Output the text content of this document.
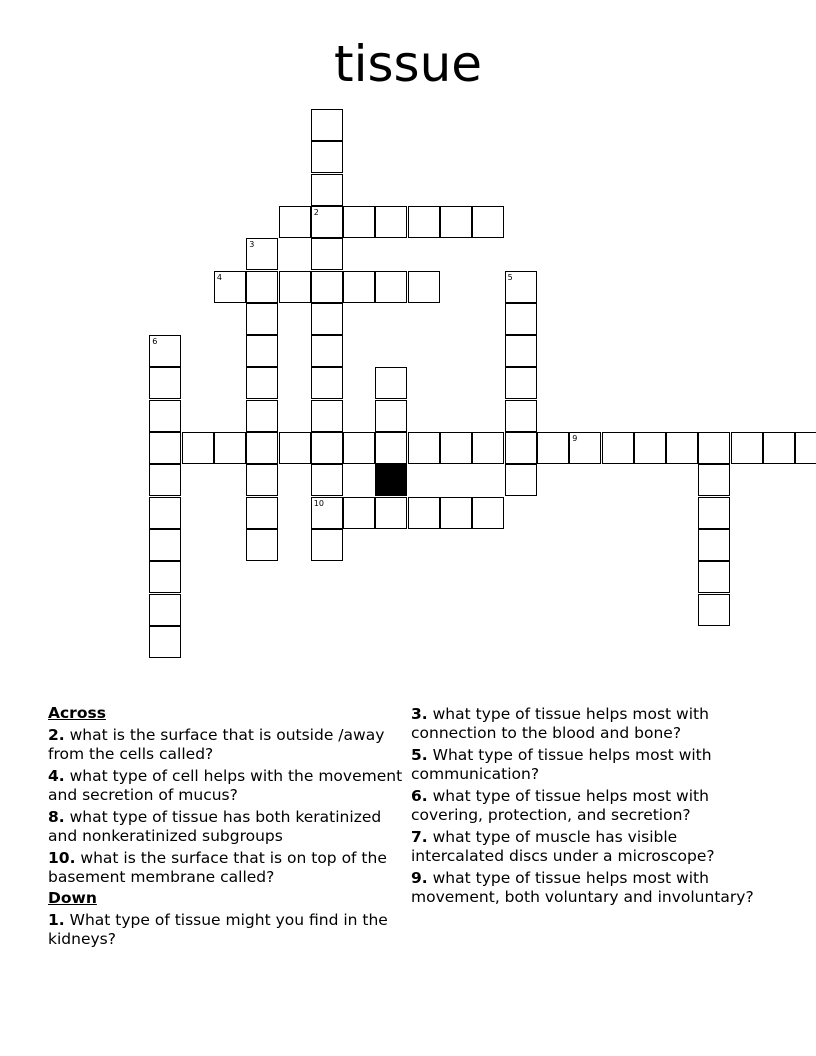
tissue
2
10
3
4	5
6
9
Across
2. what is the surface that is outside /away from the cells called?
4. what type of cell helps with the movement and secretion of mucus?
8. what type of tissue has both keratinized and nonkeratinized subgroups
10. what is the surface that is on top of the basement membrane called?
Down
1. What type of tissue might you find in the kidneys?
3. what type of tissue helps most with connection to the blood and bone?
5. What type of tissue helps most with communication?
6. what type of tissue helps most with covering, protection, and secretion?
7. what type of muscle has visible intercalated discs under a microscope?
9. what type of tissue helps most with movement, both voluntary and involuntary?
